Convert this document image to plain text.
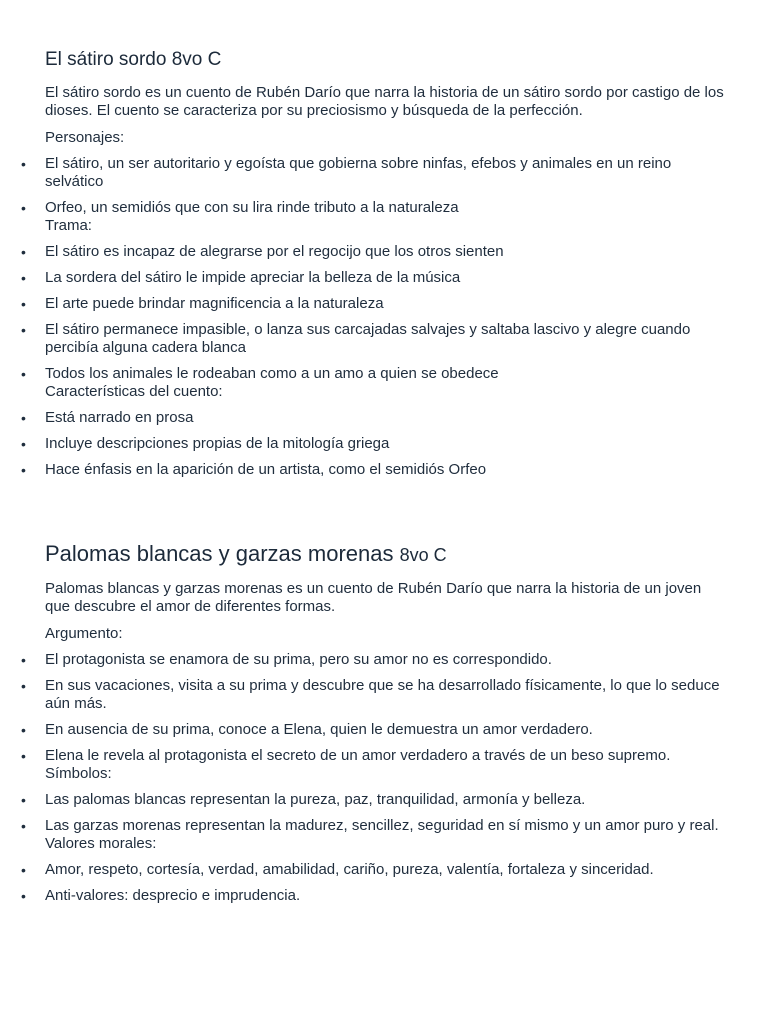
El sátiro sordo 8vo C

El sátiro sordo es un cuento de Rubén Darío que narra la historia de un sátiro sordo por castigo de los dioses. El cuento se caracteriza por su preciosismo y búsqueda de la perfección.

Personajes:

• El sátiro, un ser autoritario y egoísta que gobierna sobre ninfas, efebos y animales en un reino selvático
• Orfeo, un semidiós que con su lira rinde tributo a la naturaleza
Trama:
• El sátiro es incapaz de alegrarse por el regocijo que los otros sienten
• La sordera del sátiro le impide apreciar la belleza de la música
• El arte puede brindar magnificencia a la naturaleza
• El sátiro permanece impasible, o lanza sus carcajadas salvajes y saltaba lascivo y alegre cuando percibía alguna cadera blanca
• Todos los animales le rodeaban como a un amo a quien se obedece
Características del cuento:
• Está narrado en prosa
• Incluye descripciones propias de la mitología griega
• Hace énfasis en la aparición de un artista, como el semidiós Orfeo
Palomas blancas y garzas morenas 8vo C

Palomas blancas y garzas morenas es un cuento de Rubén Darío que narra la historia de un joven que descubre el amor de diferentes formas.

Argumento:

• El protagonista se enamora de su prima, pero su amor no es correspondido.
• En sus vacaciones, visita a su prima y descubre que se ha desarrollado físicamente, lo que lo seduce aún más.
• En ausencia de su prima, conoce a Elena, quien le demuestra un amor verdadero.
• Elena le revela al protagonista el secreto de un amor verdadero a través de un beso supremo.
Símbolos:
• Las palomas blancas representan la pureza, paz, tranquilidad, armonía y belleza.
• Las garzas morenas representan la madurez, sencillez, seguridad en sí mismo y un amor puro y real.
Valores morales:
• Amor, respeto, cortesía, verdad, amabilidad, cariño, pureza, valentía, fortaleza y sinceridad.
• Anti-valores: desprecio e imprudencia.
